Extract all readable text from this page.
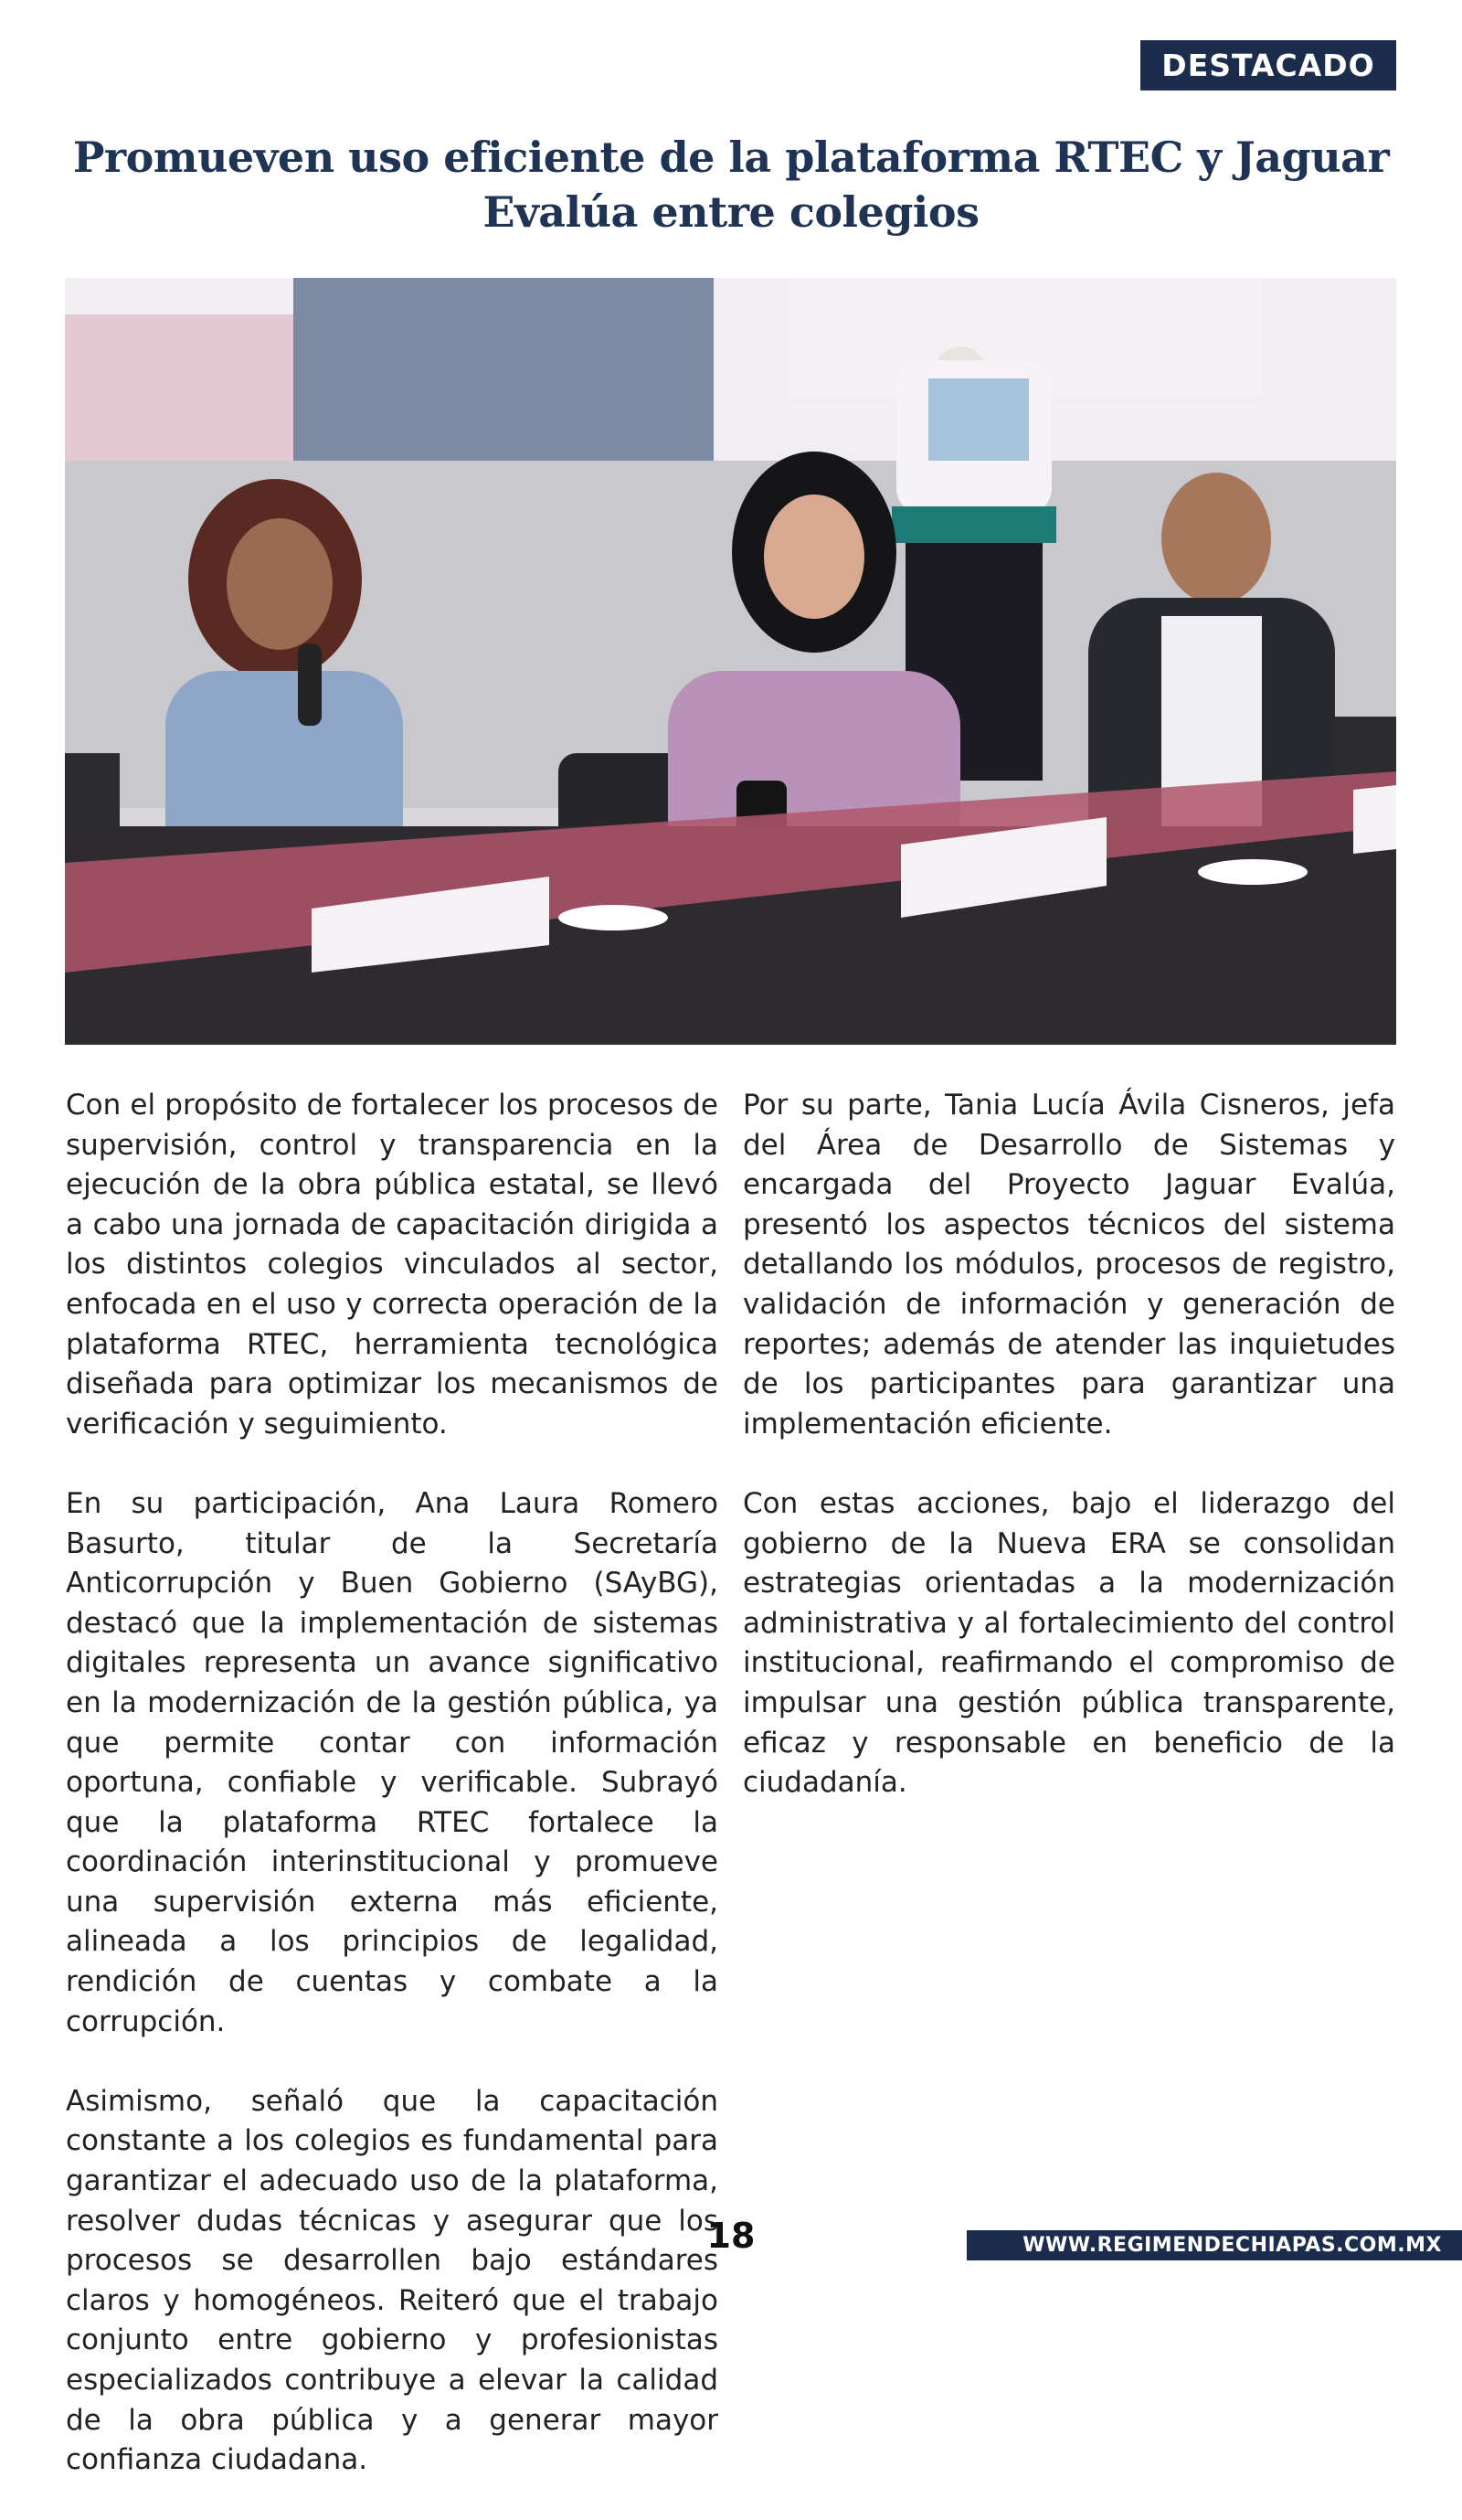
DESTACADO
Promueven uso eficiente de la plataforma RTEC y Jaguar Evalúa entre colegios

Con el propósito de fortalecer los procesos de supervisión, control y transparencia en la ejecución de la obra pública estatal, se llevó a cabo una jornada de capacitación dirigida a los distintos colegios vinculados al sector, enfocada en el uso y correcta operación de la plataforma RTEC, herramienta tecnológica diseñada para optimizar los mecanismos de verificación y seguimiento.

En su participación, Ana Laura Romero Basurto, titular de la Secretaría Anticorrupción y Buen Gobierno (SAyBG), destacó que la implementación de sistemas digitales representa un avance significativo en la modernización de la gestión pública, ya que permite contar con información oportuna, confiable y verificable. Subrayó que la plataforma RTEC fortalece la coordinación interinstitucional y promueve una supervisión externa más eficiente, alineada a los principios de legalidad, rendición de cuentas y combate a la corrupción.

Asimismo, señaló que la capacitación constante a los colegios es fundamental para garantizar el adecuado uso de la plataforma, resolver dudas técnicas y asegurar que los procesos se desarrollen bajo estándares claros y homogéneos. Reiteró que el trabajo conjunto entre gobierno y profesionistas especializados contribuye a elevar la calidad de la obra pública y a generar mayor confianza ciudadana.

Por su parte, Tania Lucía Ávila Cisneros, jefa del Área de Desarrollo de Sistemas y encargada del Proyecto Jaguar Evalúa, presentó los aspectos técnicos del sistema detallando los módulos, procesos de registro, validación de información y generación de reportes; además de atender las inquietudes de los participantes para garantizar una implementación eficiente.

Con estas acciones, bajo el liderazgo del gobierno de la Nueva ERA se consolidan estrategias orientadas a la modernización administrativa y al fortalecimiento del control institucional, reafirmando el compromiso de impulsar una gestión pública transparente, eficaz y responsable en beneficio de la ciudadanía.

18	WWW.REGIMENDECHIAPAS.COM.MX
